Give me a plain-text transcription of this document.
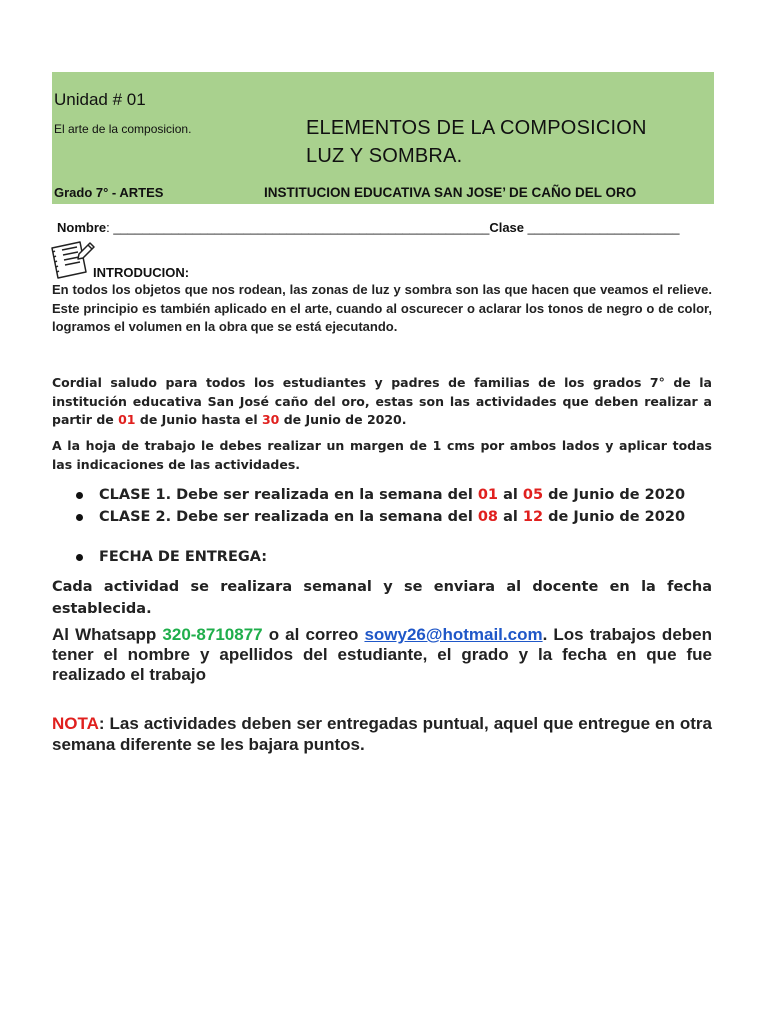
Unidad # 01
El arte de la composicion.	ELEMENTOS DE LA COMPOSICION
LUZ Y SOMBRA.
Grado 7° - ARTES	INSTITUCION EDUCATIVA SAN JOSE’ DE CAÑO DEL ORO
Nombre: ____________________________________________________Clase _____________________
INTRODUCION:
En todos los objetos que nos rodean, las zonas de luz y sombra son las que hacen que veamos el relieve. Este principio es también aplicado en el arte, cuando al oscurecer o aclarar los tonos de negro o de color, logramos el volumen en la obra que se está ejecutando.
Cordial saludo para todos los estudiantes y padres de familias de los grados 7° de la institución educativa San José caño del oro, estas son las actividades que deben realizar a partir de 01 de Junio hasta el 30 de Junio de 2020.
A la hoja de trabajo le debes realizar un margen de 1 cms por ambos lados y aplicar todas las indicaciones de las actividades.
CLASE 1. Debe ser realizada en la semana del 01 al 05 de Junio de 2020
CLASE 2. Debe ser realizada en la semana del 08 al 12 de Junio de 2020
FECHA DE ENTREGA:
Cada actividad se realizara semanal y se enviara al docente en la fecha establecida.
Al Whatsapp 320-8710877 o al correo sowy26@hotmail.com. Los trabajos deben tener el nombre y apellidos del estudiante, el grado y la fecha en que fue realizado el trabajo
NOTA: Las actividades deben ser entregadas puntual, aquel que entregue en otra semana diferente se les bajara puntos.
